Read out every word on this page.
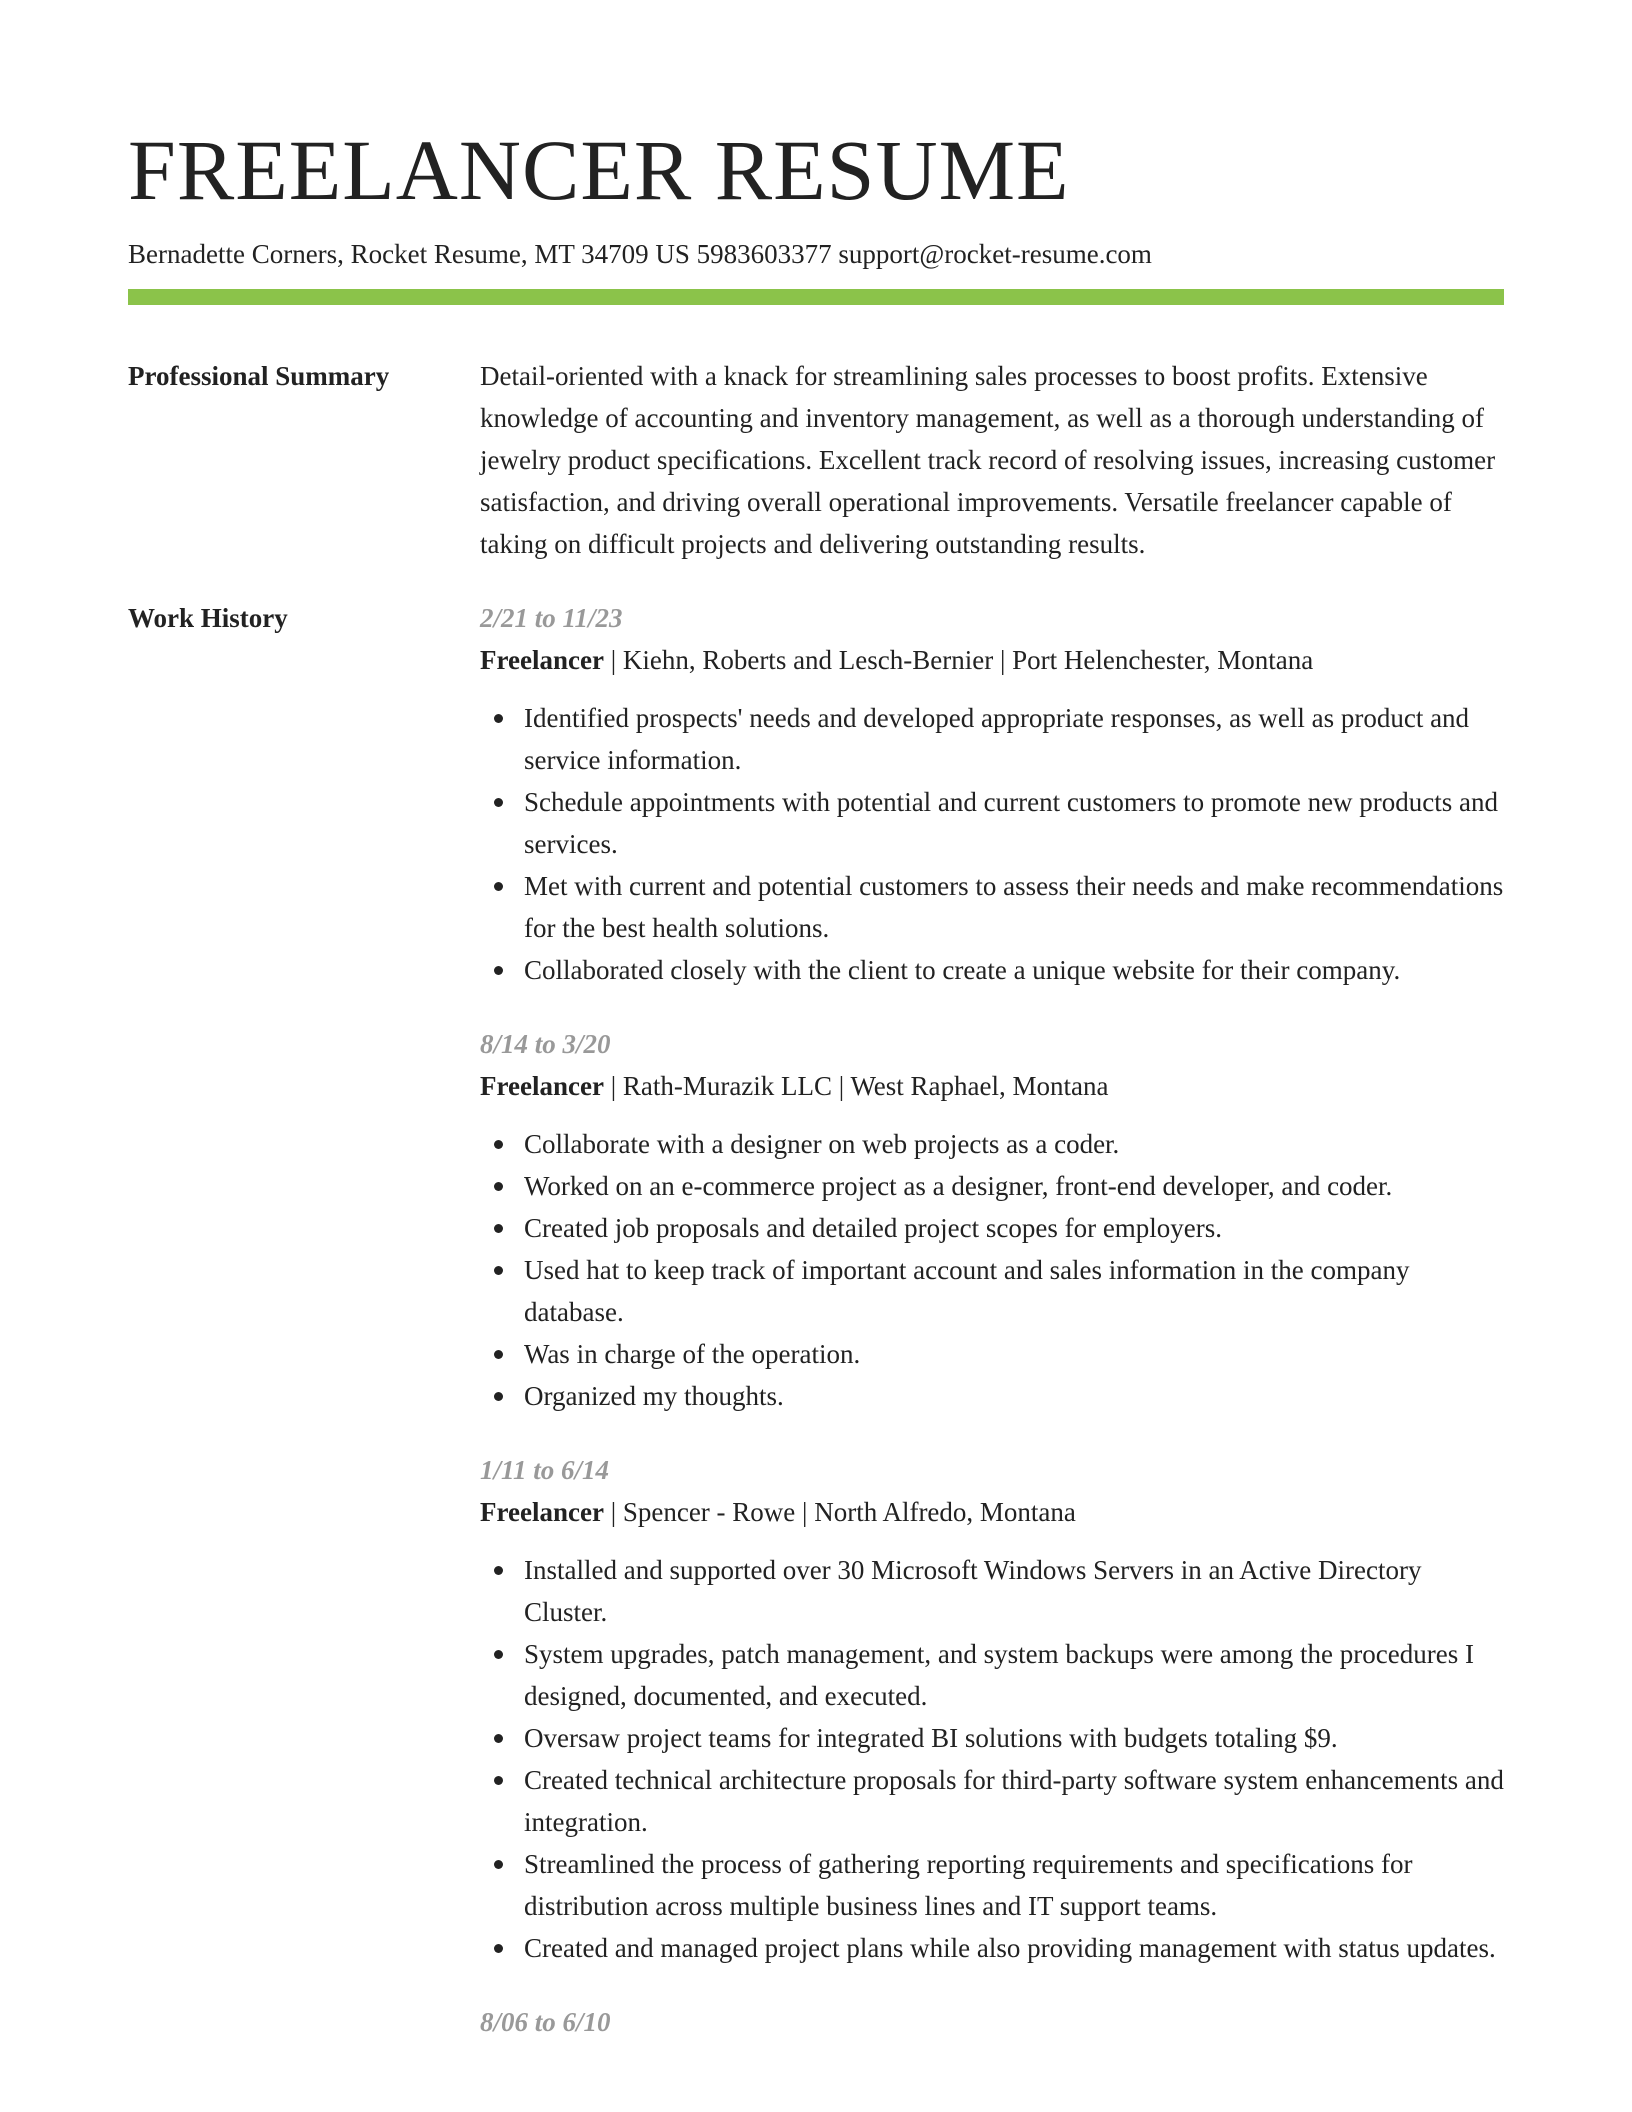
FREELANCER RESUME
Bernadette Corners, Rocket Resume, MT 34709 US 5983603377 support@rocket-resume.com
Professional Summary	Detail-oriented with a knack for streamlining sales processes to boost profits. Extensive knowledge of accounting and inventory management, as well as a thorough understanding of jewelry product specifications. Excellent track record of resolving issues, increasing customer satisfaction, and driving overall operational improvements. Versatile freelancer capable of taking on difficult projects and delivering outstanding results.

Work History	2/21 to 11/23
Freelancer | Kiehn, Roberts and Lesch-Bernier | Port Helenchester, Montana
Identified prospects' needs and developed appropriate responses, as well as product and service information.
Schedule appointments with potential and current customers to promote new products and services.
Met with current and potential customers to assess their needs and make recommendations for the best health solutions.
Collaborated closely with the client to create a unique website for their company.
8/14 to 3/20
Freelancer | Rath-Murazik LLC | West Raphael, Montana
Collaborate with a designer on web projects as a coder.
Worked on an e-commerce project as a designer, front-end developer, and coder.
Created job proposals and detailed project scopes for employers.
Used hat to keep track of important account and sales information in the company database.
Was in charge of the operation.
Organized my thoughts.
1/11 to 6/14
Freelancer | Spencer - Rowe | North Alfredo, Montana
Installed and supported over 30 Microsoft Windows Servers in an Active Directory Cluster.
System upgrades, patch management, and system backups were among the procedures I designed, documented, and executed.
Oversaw project teams for integrated BI solutions with budgets totaling $9.
Created technical architecture proposals for third-party software system enhancements and integration.
Streamlined the process of gathering reporting requirements and specifications for distribution across multiple business lines and IT support teams.
Created and managed project plans while also providing management with status updates.
8/06 to 6/10
